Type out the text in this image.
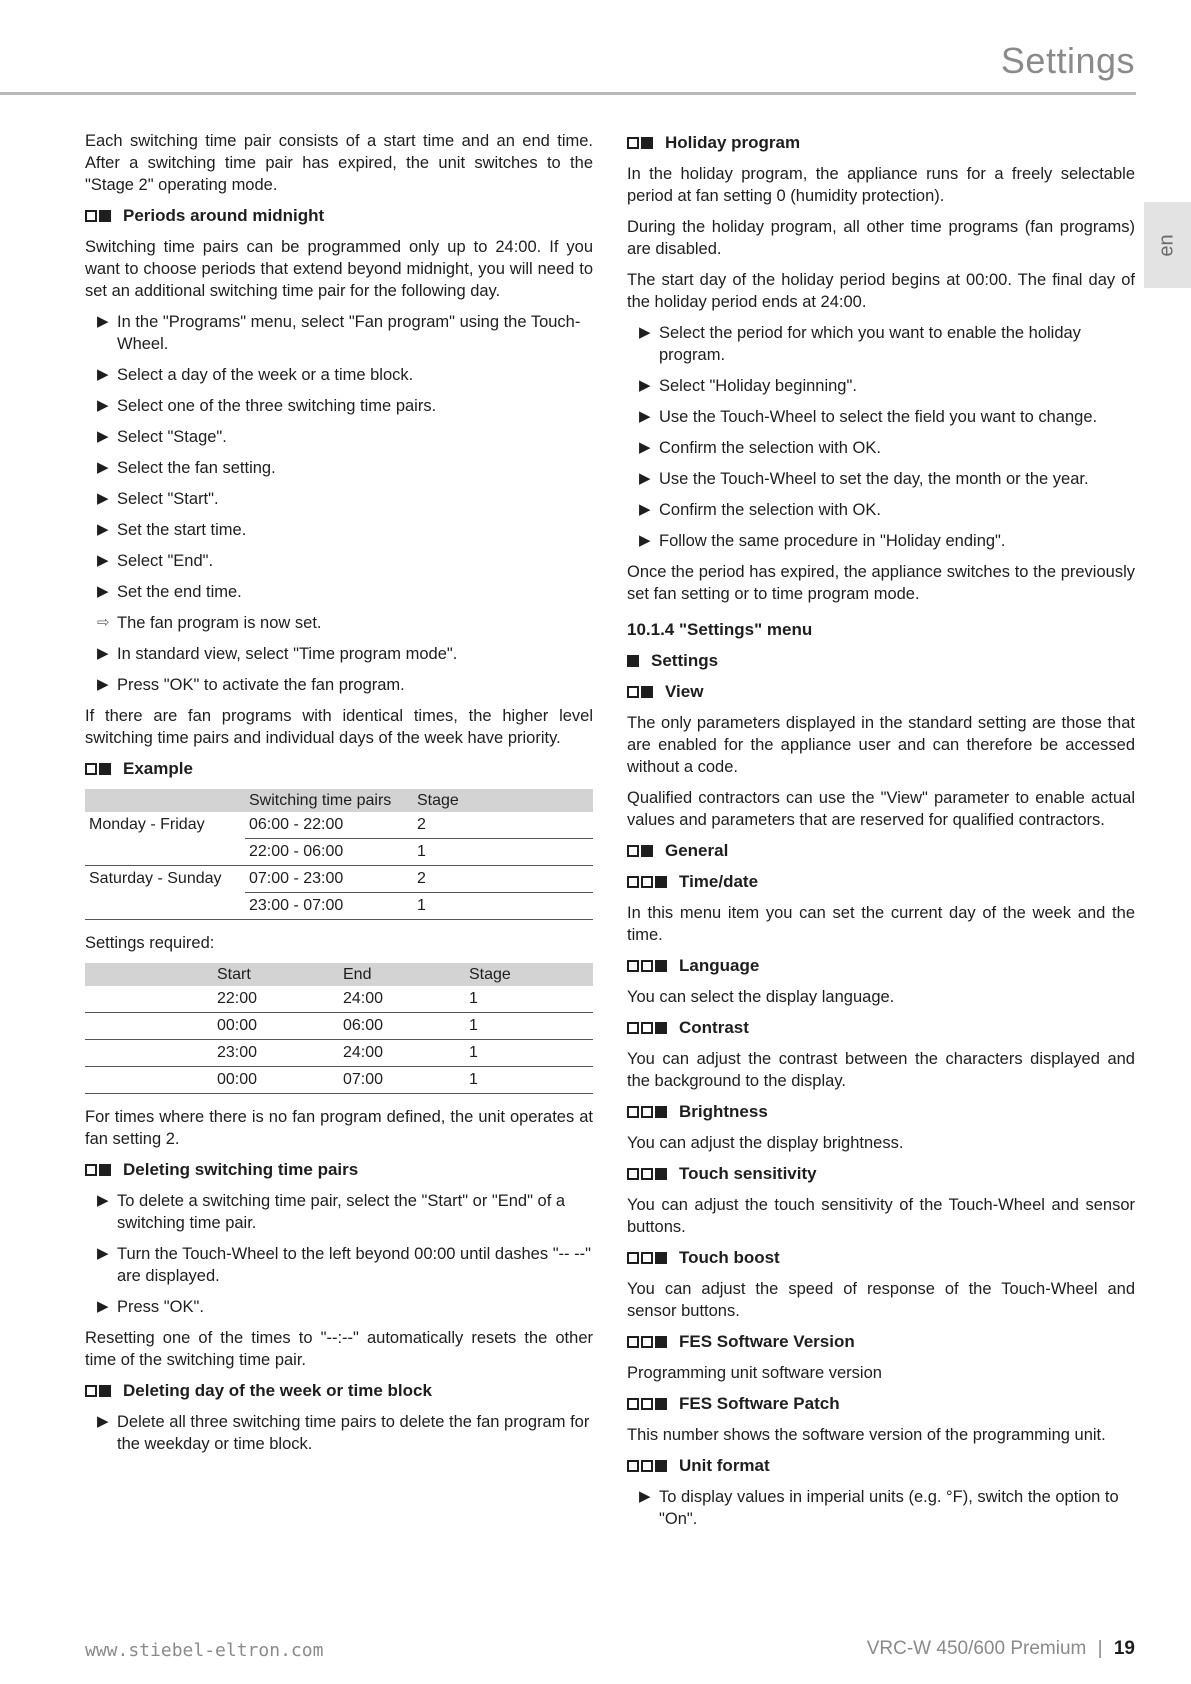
Settings
en

Each switching time pair consists of a start time and an end time. After a switching time pair has expired, the unit switches to the "Stage 2" operating mode.

Periods around midnight

Switching time pairs can be programmed only up to 24:00. If you want to choose periods that extend beyond midnight, you will need to set an additional switching time pair for the following day.

▶ In the "Programs" menu, select "Fan program" using the Touch-Wheel.
▶ Select a day of the week or a time block.
▶ Select one of the three switching time pairs.
▶ Select "Stage".
▶ Select the fan setting.
▶ Select "Start".
▶ Set the start time.
▶ Select "End".
▶ Set the end time.
⇨ The fan program is now set.
▶ In standard view, select "Time program mode".
▶ Press "OK" to activate the fan program.

If there are fan programs with identical times, the higher level switching time pairs and individual days of the week have priority.

Example
	Switching time pairs	Stage
Monday - Friday	06:00 - 22:00	2
	22:00 - 06:00	1
Saturday - Sunday	07:00 - 23:00	2
	23:00 - 07:00	1

Settings required:

	Start	End	Stage
	22:00	24:00	1
	00:00	06:00	1
	23:00	24:00	1
	00:00	07:00	1

For times where there is no fan program defined, the unit operates at fan setting 2.

Deleting switching time pairs
▶ To delete a switching time pair, select the "Start" or "End" of a switching time pair.
▶ Turn the Touch-Wheel to the left beyond 00:00 until dashes "-- --" are displayed.
▶ Press "OK".

Resetting one of the times to "--:--" automatically resets the other time of the switching time pair.

Deleting day of the week or time block
▶ Delete all three switching time pairs to delete the fan program for the weekday or time block.
Holiday program

In the holiday program, the appliance runs for a freely selectable period at fan setting 0 (humidity protection).

During the holiday program, all other time programs (fan programs) are disabled.

The start day of the holiday period begins at 00:00. The final day of the holiday period ends at 24:00.

▶ Select the period for which you want to enable the holiday program.
▶ Select "Holiday beginning".
▶ Use the Touch-Wheel to select the field you want to change.
▶ Confirm the selection with OK.
▶ Use the Touch-Wheel to set the day, the month or the year.
▶ Confirm the selection with OK.
▶ Follow the same procedure in "Holiday ending".

Once the period has expired, the appliance switches to the previously set fan setting or to time program mode.

10.1.4 "Settings" menu
Settings
View

The only parameters displayed in the standard setting are those that are enabled for the appliance user and can therefore be accessed without a code.

Qualified contractors can use the "View" parameter to enable actual values and parameters that are reserved for qualified contractors.

General
Time/date

In this menu item you can set the current day of the week and the time.

Language

You can select the display language.

Contrast

You can adjust the contrast between the characters displayed and the background to the display.

Brightness

You can adjust the display brightness.

Touch sensitivity

You can adjust the touch sensitivity of the Touch-Wheel and sensor buttons.

Touch boost

You can adjust the speed of response of the Touch-Wheel and sensor buttons.

FES Software Version

Programming unit software version

FES Software Patch

This number shows the software version of the programming unit.

Unit format
▶ To display values in imperial units (e.g. °F), switch the option to "On".
www.stiebel-eltron.com	VRC-W 450/600 Premium | 19
